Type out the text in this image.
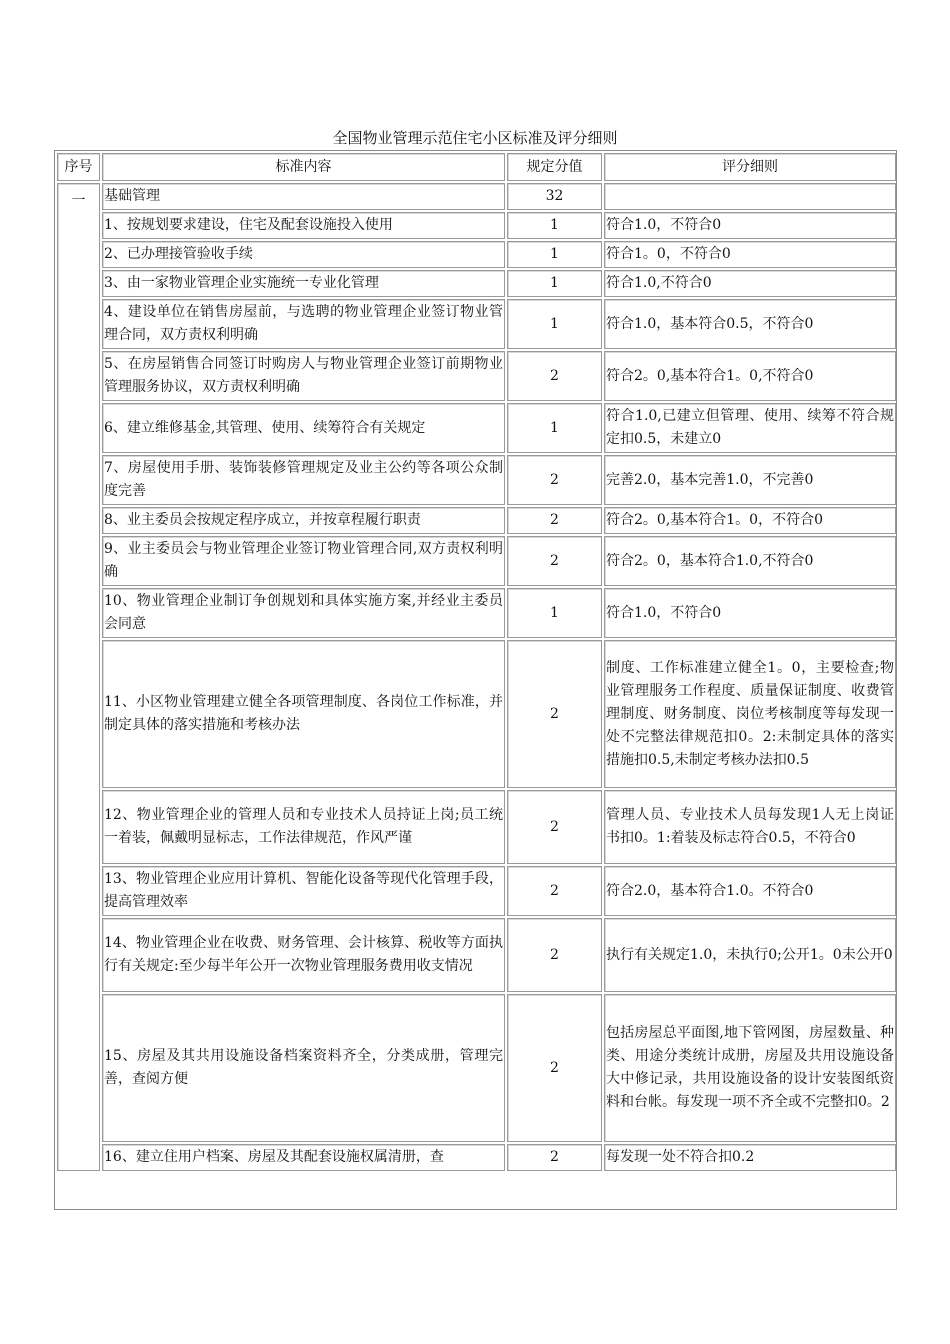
全国物业管理示范住宅小区标准及评分细则
序号	标准内容	规定分值	评分细则
一	基础管理	32	
	1、按规划要求建设，住宅及配套设施投入使用	1	符合1.0，不符合0
	2、已办理接管验收手续	1	符合1。0，不符合0
	3、由一家物业管理企业实施统一专业化管理	1	符合1.0,不符合0
	4、建设单位在销售房屋前，与选聘的物业管理企业签订物业管理合同，双方责权利明确	1	符合1.0，基本符合0.5，不符合0
	5、在房屋销售合同签订时购房人与物业管理企业签订前期物业管理服务协议，双方责权利明确	2	符合2。0,基本符合1。0,不符合0
	6、建立维修基金,其管理、使用、续筹符合有关规定	1	符合1.0,已建立但管理、使用、续筹不符合规定扣0.5，未建立0
	7、房屋使用手册、装饰装修管理规定及业主公约等各项公众制度完善	2	完善2.0，基本完善1.0，不完善0
	8、业主委员会按规定程序成立，并按章程履行职责	2	符合2。0,基本符合1。0，不符合0
	9、业主委员会与物业管理企业签订物业管理合同,双方责权利明确	2	符合2。0，基本符合1.0,不符合0
	10、物业管理企业制订争创规划和具体实施方案,并经业主委员会同意	1	符合1.0，不符合0
	11、小区物业管理建立健全各项管理制度、各岗位工作标准，并制定具体的落实措施和考核办法	2	制度、工作标准建立健全1。0，主要检查;物业管理服务工作程度、质量保证制度、收费管理制度、财务制度、岗位考核制度等每发现一处不完整法律规范扣0。2:未制定具体的落实措施扣0.5,未制定考核办法扣0.5
	12、物业管理企业的管理人员和专业技术人员持证上岗;员工统一着装，佩戴明显标志，工作法律规范，作风严谨	2	管理人员、专业技术人员每发现1人无上岗证书扣0。1:着装及标志符合0.5，不符合0
	13、物业管理企业应用计算机、智能化设备等现代化管理手段，提高管理效率	2	符合2.0，基本符合1.0。不符合0
	14、物业管理企业在收费、财务管理、会计核算、税收等方面执行有关规定:至少每半年公开一次物业管理服务费用收支情况	2	执行有关规定1.0，未执行0;公开1。0未公开0
	15、房屋及其共用设施设备档案资料齐全，分类成册，管理完善，查阅方便	2	包括房屋总平面图,地下管网图，房屋数量、种类、用途分类统计成册，房屋及共用设施设备大中修记录，共用设施设备的设计安装图纸资料和台帐。每发现一项不齐全或不完整扣0。2
	16、建立住用户档案、房屋及其配套设施权属清册，查	2	每发现一处不符合扣0.2
